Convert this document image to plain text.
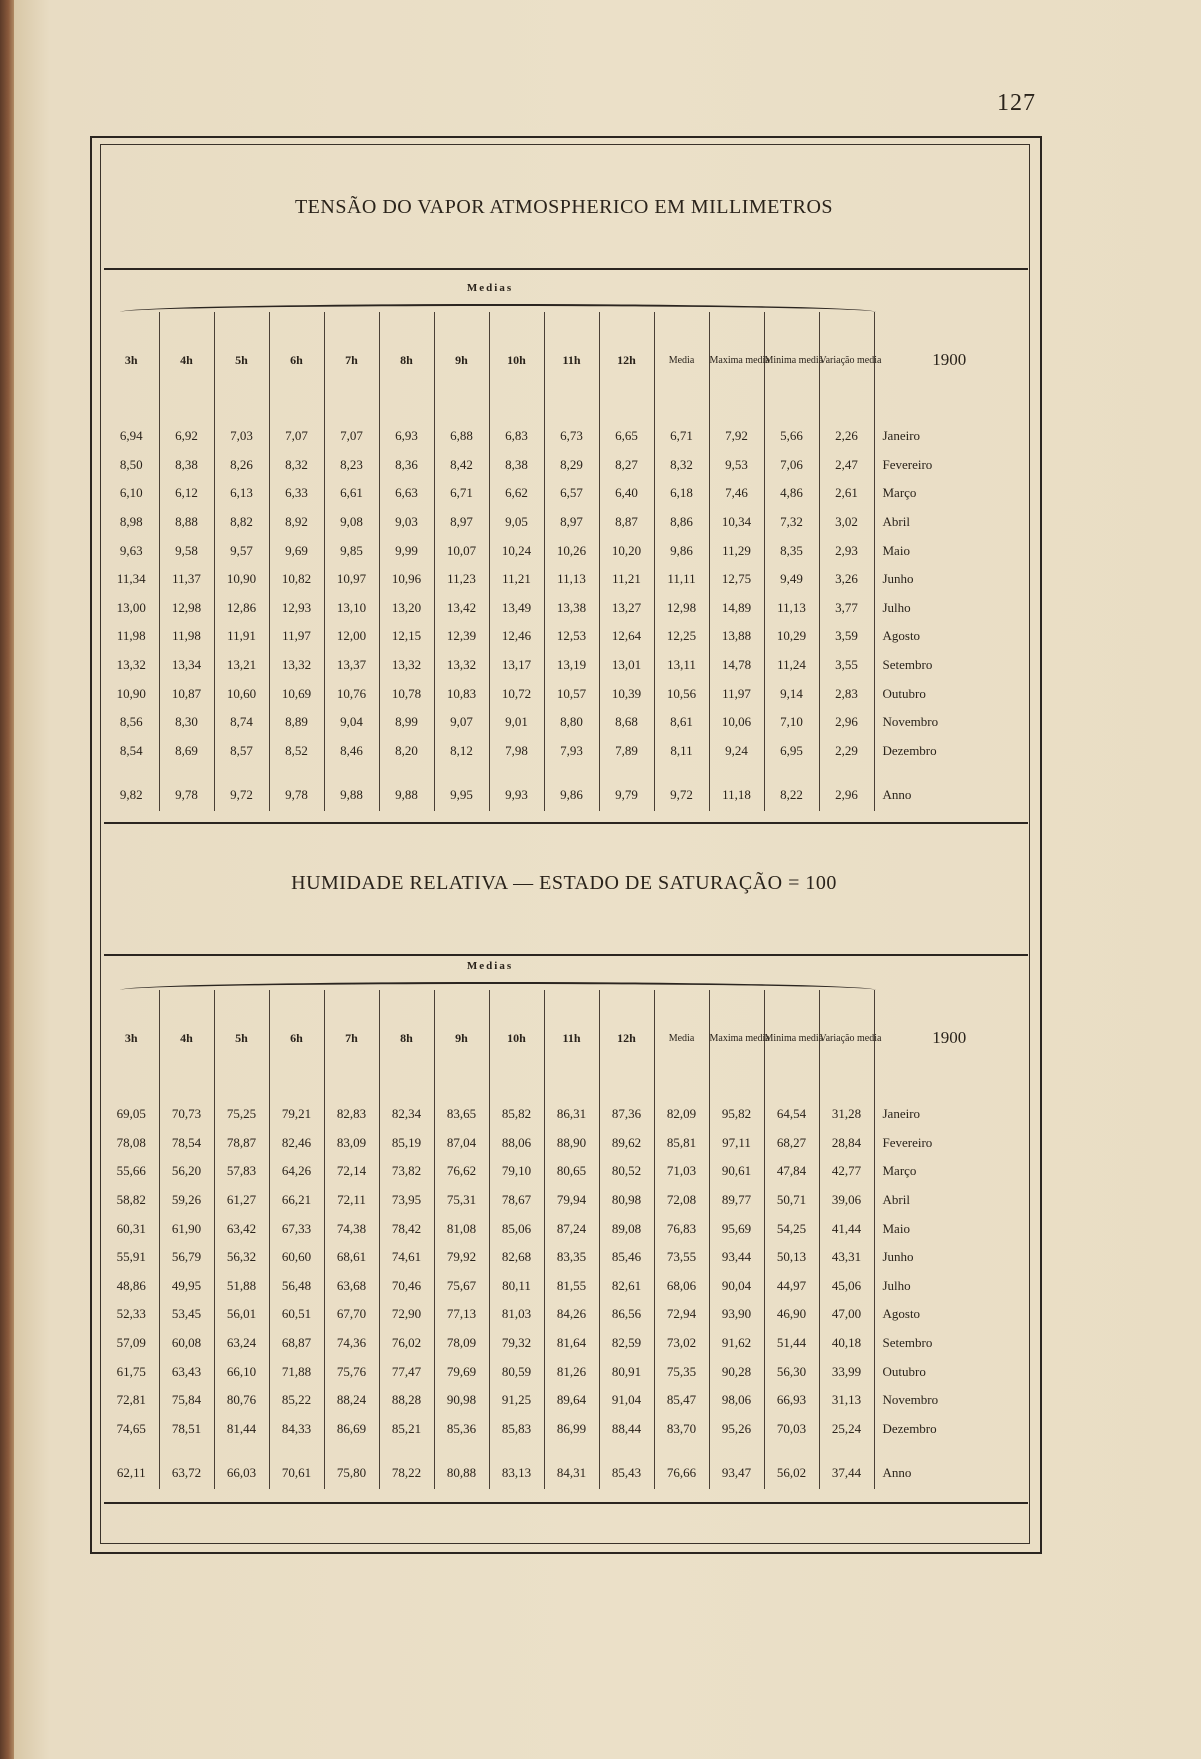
127
TENSÃO DO VAPOR ATMOSPHERICO EM MILLIMETROS
Medias
3h	4h	5h	6h	7h	8h	9h	10h	11h	12h	Media	Maxima media	Minima media	Variação media	1900

6,94	6,92	7,03	7,07	7,07	6,93	6,88	6,83	6,73	6,65	6,71	7,92	5,66	2,26	Janeiro
8,50	8,38	8,26	8,32	8,23	8,36	8,42	8,38	8,29	8,27	8,32	9,53	7,06	2,47	Fevereiro
6,10	6,12	6,13	6,33	6,61	6,63	6,71	6,62	6,57	6,40	6,18	7,46	4,86	2,61	Março
8,98	8,88	8,82	8,92	9,08	9,03	8,97	9,05	8,97	8,87	8,86	10,34	7,32	3,02	Abril
9,63	9,58	9,57	9,69	9,85	9,99	10,07	10,24	10,26	10,20	9,86	11,29	8,35	2,93	Maio
11,34	11,37	10,90	10,82	10,97	10,96	11,23	11,21	11,13	11,21	11,11	12,75	9,49	3,26	Junho
13,00	12,98	12,86	12,93	13,10	13,20	13,42	13,49	13,38	13,27	12,98	14,89	11,13	3,77	Julho
11,98	11,98	11,91	11,97	12,00	12,15	12,39	12,46	12,53	12,64	12,25	13,88	10,29	3,59	Agosto
13,32	13,34	13,21	13,32	13,37	13,32	13,32	13,17	13,19	13,01	13,11	14,78	11,24	3,55	Setembro
10,90	10,87	10,60	10,69	10,76	10,78	10,83	10,72	10,57	10,39	10,56	11,97	9,14	2,83	Outubro
8,56	8,30	8,74	8,89	9,04	8,99	9,07	9,01	8,80	8,68	8,61	10,06	7,10	2,96	Novembro
8,54	8,69	8,57	8,52	8,46	8,20	8,12	7,98	7,93	7,89	8,11	9,24	6,95	2,29	Dezembro

9,82	9,78	9,72	9,78	9,88	9,88	9,95	9,93	9,86	9,79	9,72	11,18	8,22	2,96	Anno
HUMIDADE RELATIVA — ESTADO DE SATURAÇÃO = 100
Medias
3h	4h	5h	6h	7h	8h	9h	10h	11h	12h	Media	Maxima media	Minima media	Variação media	1900

69,05	70,73	75,25	79,21	82,83	82,34	83,65	85,82	86,31	87,36	82,09	95,82	64,54	31,28	Janeiro
78,08	78,54	78,87	82,46	83,09	85,19	87,04	88,06	88,90	89,62	85,81	97,11	68,27	28,84	Fevereiro
55,66	56,20	57,83	64,26	72,14	73,82	76,62	79,10	80,65	80,52	71,03	90,61	47,84	42,77	Março
58,82	59,26	61,27	66,21	72,11	73,95	75,31	78,67	79,94	80,98	72,08	89,77	50,71	39,06	Abril
60,31	61,90	63,42	67,33	74,38	78,42	81,08	85,06	87,24	89,08	76,83	95,69	54,25	41,44	Maio
55,91	56,79	56,32	60,60	68,61	74,61	79,92	82,68	83,35	85,46	73,55	93,44	50,13	43,31	Junho
48,86	49,95	51,88	56,48	63,68	70,46	75,67	80,11	81,55	82,61	68,06	90,04	44,97	45,06	Julho
52,33	53,45	56,01	60,51	67,70	72,90	77,13	81,03	84,26	86,56	72,94	93,90	46,90	47,00	Agosto
57,09	60,08	63,24	68,87	74,36	76,02	78,09	79,32	81,64	82,59	73,02	91,62	51,44	40,18	Setembro
61,75	63,43	66,10	71,88	75,76	77,47	79,69	80,59	81,26	80,91	75,35	90,28	56,30	33,99	Outubro
72,81	75,84	80,76	85,22	88,24	88,28	90,98	91,25	89,64	91,04	85,47	98,06	66,93	31,13	Novembro
74,65	78,51	81,44	84,33	86,69	85,21	85,36	85,83	86,99	88,44	83,70	95,26	70,03	25,24	Dezembro

62,11	63,72	66,03	70,61	75,80	78,22	80,88	83,13	84,31	85,43	76,66	93,47	56,02	37,44	Anno
